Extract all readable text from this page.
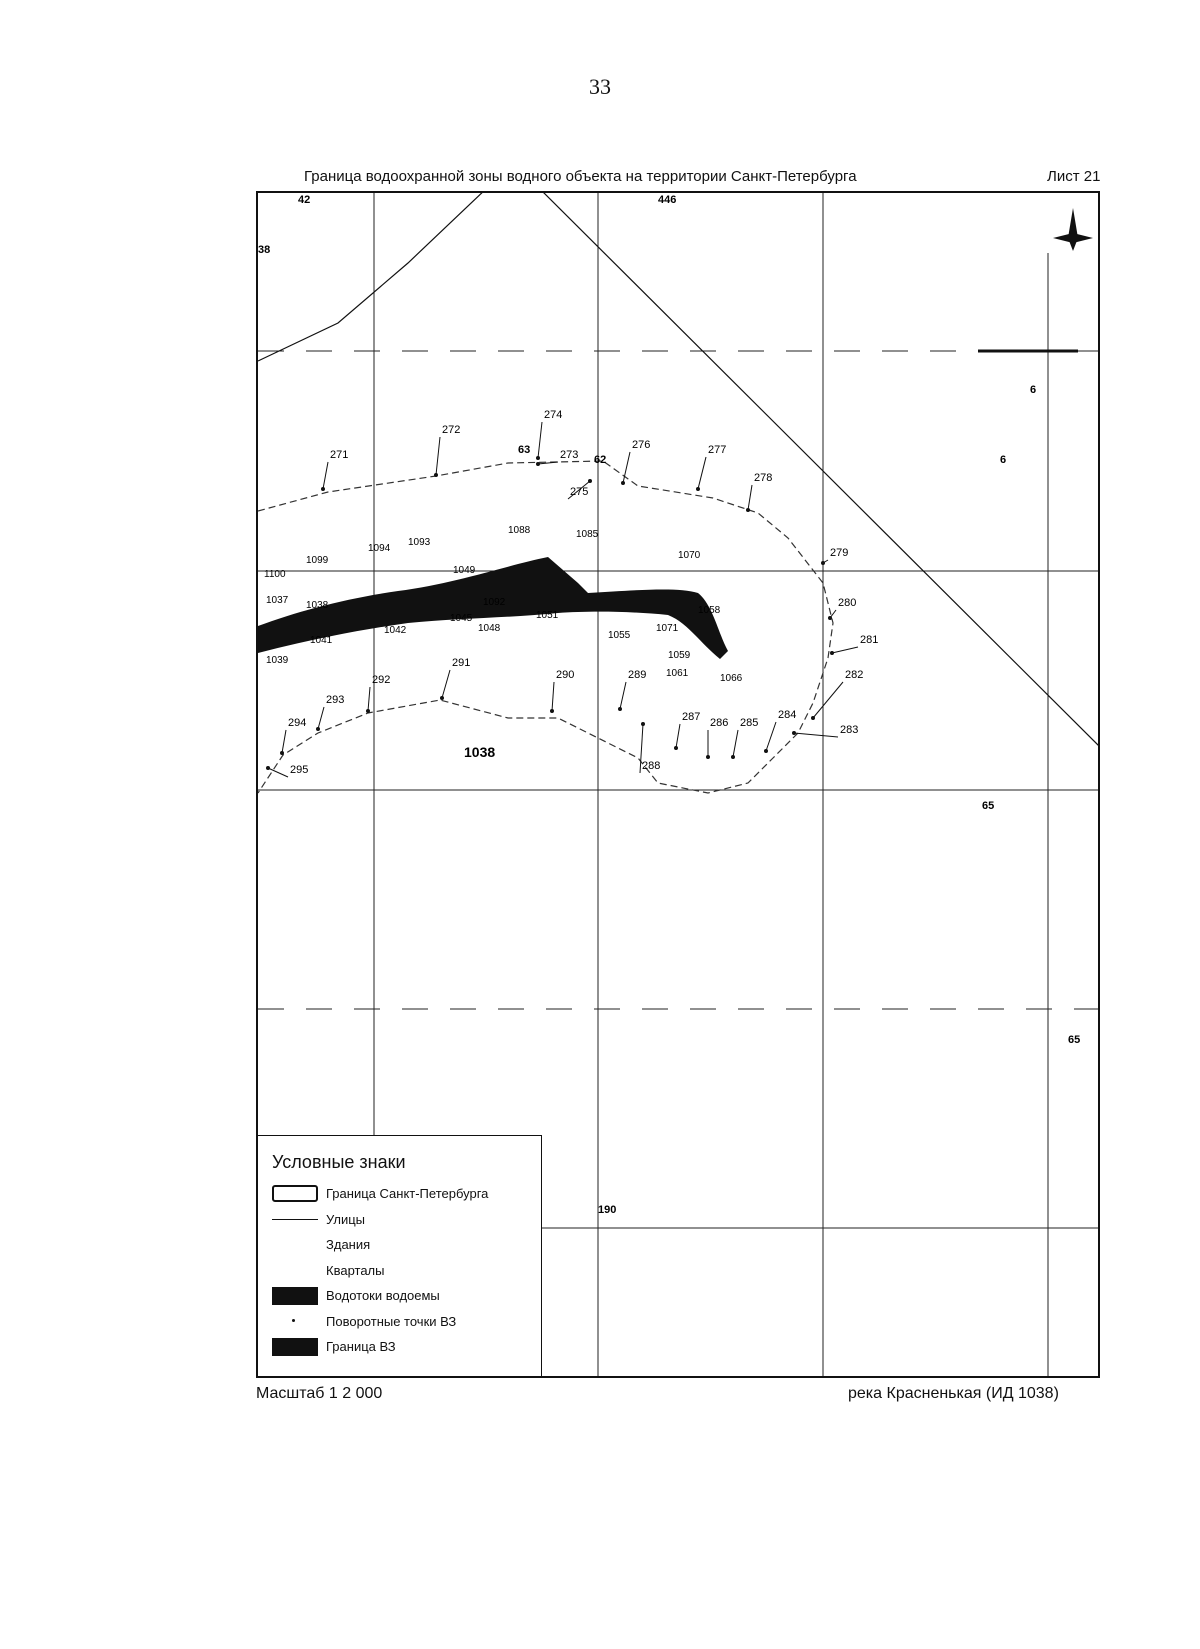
33
Граница водоохранной зоны водного объекта на территории Санкт-Петербурга	Лист 21
1038
42	446
38
6
6
65
65
190
63
62
271
272
273
274
275
276	277
278
279
280
281
282
283
284
285
286
287
288
289
290
291
292
293
294
295
1100
1099
1094
1093
1088	1085
1070
1049
1037 1038
1041
1039
1042
1045
1048
1092
1051
1055
1058
1071
1059
1061	1066
Условные знаки
Граница Санкт-Петербурга
Улицы
Здания
Кварталы
Водотоки водоемы
Поворотные точки ВЗ
Граница ВЗ
Масштаб 1 2 000	река Красненькая (ИД 1038)
